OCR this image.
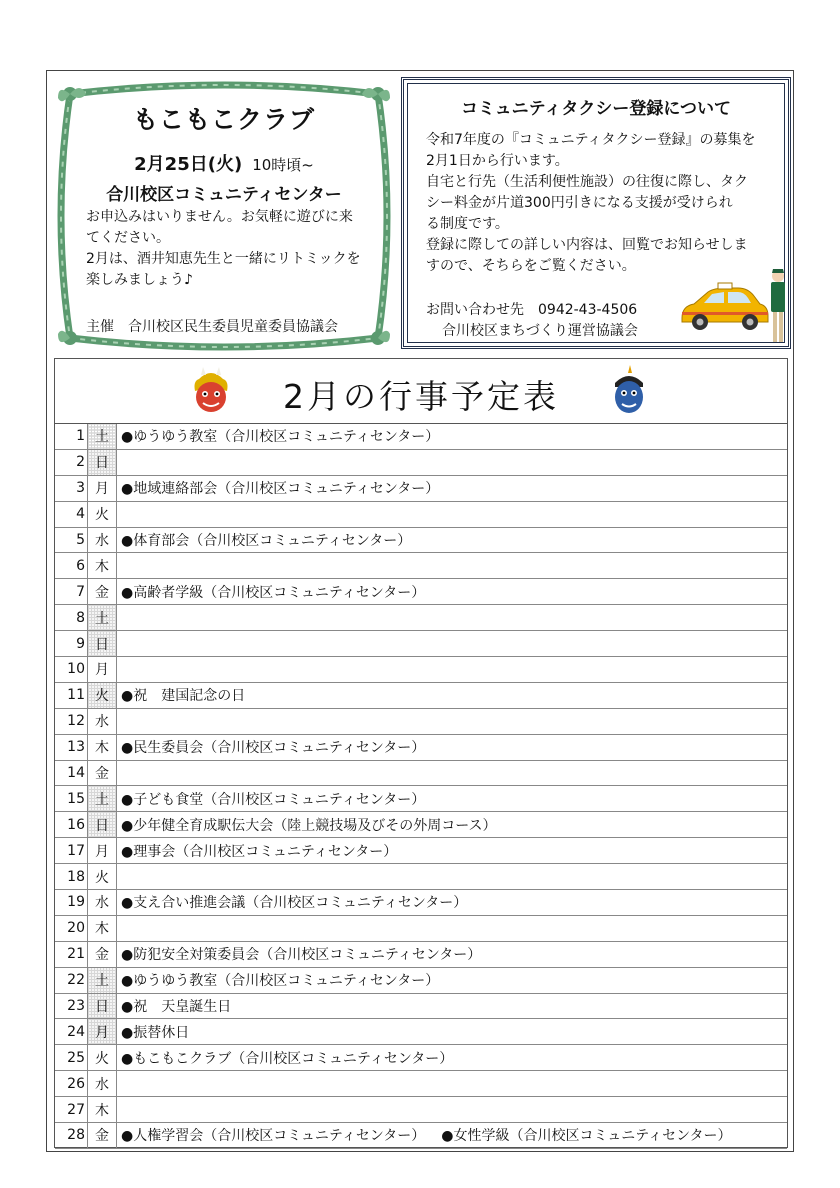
もこもこクラブ
2月25日(火) 10時頃~
合川校区コミュニティセンター

お申込みはいりません。お気軽に遊びに来

てください。

2月は、酒井知恵先生と一緒にリトミックを

楽しみましょう♪

主催　合川校区民生委員児童委員協議会
コミュニティタクシー登録について

令和7年度の『コミュニティタクシー登録』の募集を

2月1日から行います。

自宅と行先（生活利便性施設）の往復に際し、タク

シー料金が片道300円引きになる支援が受けられ

る制度です。

登録に際しての詳しい内容は、回覧でお知らせしま

すので、そちらをご覧ください。

お問い合わせ先　0942-43-4506
合川校区まちづくり運営協議会
2月の行事予定表
1	土	●ゆうゆう教室（合川校区コミュニティセンター）
2	日	
3	月	●地域連絡部会（合川校区コミュニティセンター）
4	火	
5	水	●体育部会（合川校区コミュニティセンター）
6	木	
7	金	●高齢者学級（合川校区コミュニティセンター）
8	土	
9	日	
10	月	
11	火	●祝　建国記念の日
12	水	
13	木	●民生委員会（合川校区コミュニティセンター）
14	金	
15	土	●子ども食堂（合川校区コミュニティセンター）
16	日	●少年健全育成駅伝大会（陸上競技場及びその外周コース）
17	月	●理事会（合川校区コミュニティセンター）
18	火	
19	水	●支え合い推進会議（合川校区コミュニティセンター）
20	木	
21	金	●防犯安全対策委員会（合川校区コミュニティセンター）
22	土	●ゆうゆう教室（合川校区コミュニティセンター）
23	日	●祝　天皇誕生日
24	月	●振替休日
25	火	●もこもこクラブ（合川校区コミュニティセンター）
26	水	
27	木	
28	金	●人権学習会（合川校区コミュニティセンター） ●女性学級（合川校区コミュニティセンター）
